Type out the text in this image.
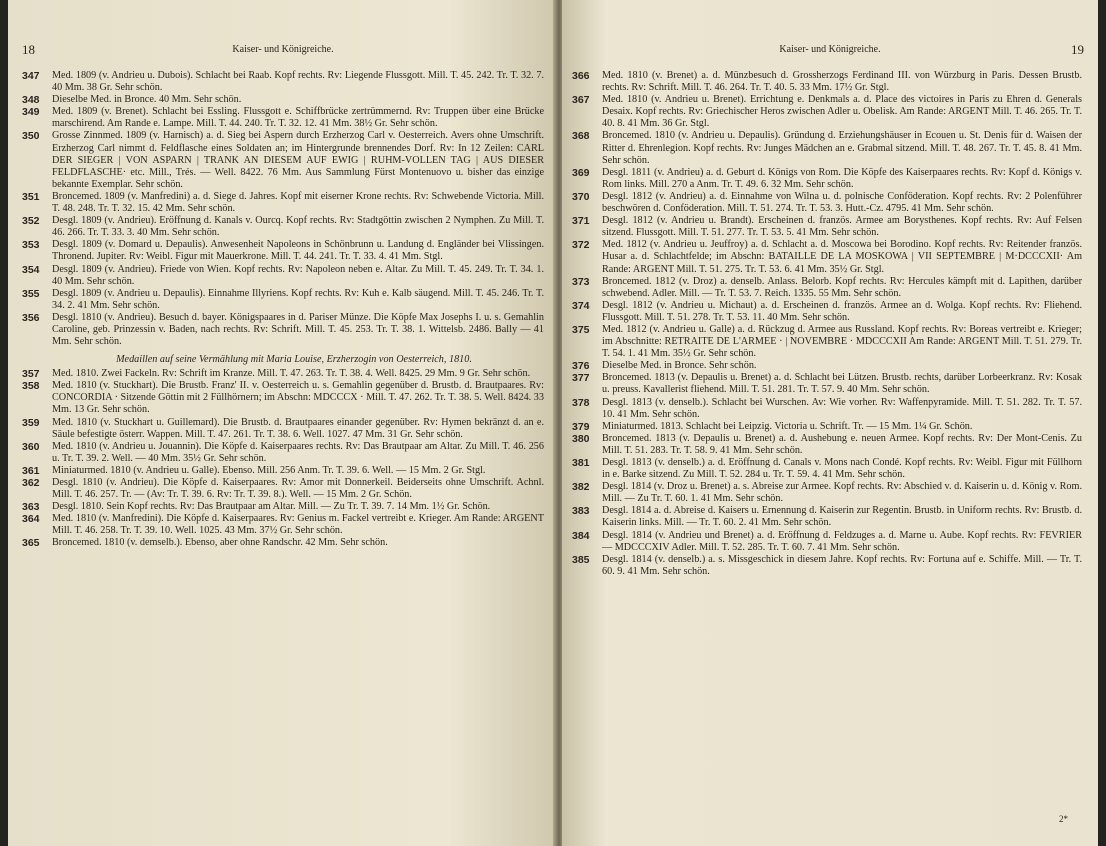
18	Kaiser- und Königreiche.
347 Med. 1809 (v. Andrieu u. Dubois). Schlacht bei Raab. Kopf rechts. Rv: Liegende Flussgott. Mill. T. 45. 242. Tr. T. 32. 7. 40 Mm. 38 Gr. Sehr schön.
348 Dieselbe Med. in Bronce. 40 Mm. Sehr schön.
349 Med. 1809 (v. Brenet). Schlacht bei Essling. Flussgott e. Schiffbrücke zertrümmernd. Rv: Truppen über eine Brücke marschirend. Am Rande e. Lampe. Mill. T. 44. 240. Tr. T. 32. 12. 41 Mm. 38½ Gr. Sehr schön.
350 Grosse Zinnmed. 1809 (v. Harnisch) a. d. Sieg bei Aspern durch Erzherzog Carl v. Oesterreich. Avers ohne Umschrift. Erzherzog Carl nimmt d. Feldflasche eines Soldaten an; im Hintergrunde brennendes Dorf. Rv: In 12 Zeilen: CARL DER SIEGER | VON ASPARN | TRANK AN DIESEM AUF EWIG | RUHM-VOLLEN TAG | AUS DIESER FELDFLASCHE· etc. Mill., Trés. — Well. 8422. 76 Mm. Aus Sammlung Fürst Montenuovo u. bisher das einzige bekannte Exemplar. Sehr schön.
351 Broncemed. 1809 (v. Manfredini) a. d. Siege d. Jahres. Kopf mit eiserner Krone rechts. Rv: Schwebende Victoria. Mill. T. 48. 248. Tr. T. 32. 15. 42 Mm. Sehr schön.
352 Desgl. 1809 (v. Andrieu). Eröffnung d. Kanals v. Ourcq. Kopf rechts. Rv: Stadtgöttin zwischen 2 Nymphen. Zu Mill. T. 46. 266. Tr. T. 33. 3. 40 Mm. Sehr schön.
353 Desgl. 1809 (v. Domard u. Depaulis). Anwesenheit Napoleons in Schönbrunn u. Landung d. Engländer bei Vlissingen. Thronend. Jupiter. Rv: Weibl. Figur mit Mauerkrone. Mill. T. 44. 241. Tr. T. 33. 4. 41 Mm. Stgl.
354 Desgl. 1809 (v. Andrieu). Friede von Wien. Kopf rechts. Rv: Napoleon neben e. Altar. Zu Mill. T. 45. 249. Tr. T. 34. 1. 40 Mm. Sehr schön.
355 Desgl. 1809 (v. Andrieu u. Depaulis). Einnahme Illyriens. Kopf rechts. Rv: Kuh e. Kalb säugend. Mill. T. 45. 246. Tr. T. 34. 2. 41 Mm. Sehr schön.
356 Desgl. 1810 (v. Andrieu). Besuch d. bayer. Königspaares in d. Pariser Münze. Die Köpfe Max Josephs I. u. s. Gemahlin Caroline, geb. Prinzessin v. Baden, nach rechts. Rv: Schrift. Mill. T. 45. 253. Tr. T. 38. 1. Wittelsb. 2486. Bally — 41 Mm. Sehr schön.
Medaillen auf seine Vermählung mit Maria Louise, Erzherzogin von Oesterreich, 1810.
357 Med. 1810. Zwei Fackeln. Rv: Schrift im Kranze. Mill. T. 47. 263. Tr. T. 38. 4. Well. 8425. 29 Mm. 9 Gr. Sehr schön.
358 Med. 1810 (v. Stuckhart). Die Brustb. Franz' II. v. Oesterreich u. s. Gemahlin gegenüber d. Brustb. d. Brautpaares. Rv: CONCORDIA · Sitzende Göttin mit 2 Füllhörnern; im Abschn: MDCCCX · Mill. T. 47. 262. Tr. T. 38. 5. Well. 8424. 33 Mm. 13 Gr. Sehr schön.
359 Med. 1810 (v. Stuckhart u. Guillemard). Die Brustb. d. Brautpaares einander gegenüber. Rv: Hymen bekränzt d. an e. Säule befestigte österr. Wappen. Mill. T. 47. 261. Tr. T. 38. 6. Well. 1027. 47 Mm. 31 Gr. Sehr schön.
360 Med. 1810 (v. Andrieu u. Jouannin). Die Köpfe d. Kaiserpaares rechts. Rv: Das Brautpaar am Altar. Zu Mill. T. 46. 256 u. Tr. T. 39. 2. Well. — 40 Mm. 35½ Gr. Sehr schön.
361 Miniaturmed. 1810 (v. Andrieu u. Galle). Ebenso. Mill. 256 Anm. Tr. T. 39. 6. Well. — 15 Mm. 2 Gr. Stgl.
362 Desgl. 1810 (v. Andrieu). Die Köpfe d. Kaiserpaares. Rv: Amor mit Donnerkeil. Beiderseits ohne Umschrift. Achnl. Mill. T. 46. 257. Tr. — (Av: Tr. T. 39. 6. Rv: Tr. T. 39. 8.). Well. — 15 Mm. 2 Gr. Schön.
363 Desgl. 1810. Sein Kopf rechts. Rv: Das Brautpaar am Altar. Mill. — Zu Tr. T. 39. 7. 14 Mm. 1½ Gr. Schön.
364 Med. 1810 (v. Manfredini). Die Köpfe d. Kaiserpaares. Rv: Genius m. Fackel vertreibt e. Krieger. Am Rande: ARGENT Mill. T. 46. 258. Tr. T. 39. 10. Well. 1025. 43 Mm. 37½ Gr. Sehr schön.
365 Broncemed. 1810 (v. demselb.). Ebenso, aber ohne Randschr. 42 Mm. Sehr schön.
Kaiser- und Königreiche.	19
366 Med. 1810 (v. Brenet) a. d. Münzbesuch d. Grossherzogs Ferdinand III. von Würzburg in Paris. Dessen Brustb. rechts. Rv: Schrift. Mill. T. 46. 264. Tr. T. 40. 5. 33 Mm. 17½ Gr. Stgl.
367 Med. 1810 (v. Andrieu u. Brenet). Errichtung e. Denkmals a. d. Place des victoires in Paris zu Ehren d. Generals Desaix. Kopf rechts. Rv: Griechischer Heros zwischen Adler u. Obelisk. Am Rande: ARGENT Mill. T. 46. 265. Tr. T. 40. 8. 41 Mm. 36 Gr. Stgl.
368 Broncemed. 1810 (v. Andrieu u. Depaulis). Gründung d. Erziehungshäuser in Ecouen u. St. Denis für d. Waisen der Ritter d. Ehrenlegion. Kopf rechts. Rv: Junges Mädchen an e. Grabmal sitzend. Mill. T. 48. 267. Tr. T. 45. 8. 41 Mm. Sehr schön.
369 Desgl. 1811 (v. Andrieu) a. d. Geburt d. Königs von Rom. Die Köpfe des Kaiserpaares rechts. Rv: Kopf d. Königs v. Rom links. Mill. 270 a Anm. Tr. T. 49. 6. 32 Mm. Sehr schön.
370 Desgl. 1812 (v. Andrieu) a. d. Einnahme von Wilna u. d. polnische Conföderation. Kopf rechts. Rv: 2 Polenführer beschwören d. Conföderation. Mill. T. 51. 274. Tr. T. 53. 3. Hutt.-Cz. 4795. 41 Mm. Sehr schön.
371 Desgl. 1812 (v. Andrieu u. Brandt). Erscheinen d. französ. Armee am Borysthenes. Kopf rechts. Rv: Auf Felsen sitzend. Flussgott. Mill. T. 51. 277. Tr. T. 53. 5. 41 Mm. Sehr schön.
372 Med. 1812 (v. Andrieu u. Jeuffroy) a. d. Schlacht a. d. Moscowa bei Borodino. Kopf rechts. Rv: Reitender französ. Husar a. d. Schlachtfelde; im Abschn: BATAILLE DE LA MOSKOWA | VII SEPTEMBRE | M·DCCCXII· Am Rande: ARGENT Mill. T. 51. 275. Tr. T. 53. 6. 41 Mm. 35½ Gr. Stgl.
373 Broncemed. 1812 (v. Droz) a. denselb. Anlass. Belorb. Kopf rechts. Rv: Hercules kämpft mit d. Lapithen, darüber schwebend. Adler. Mill. — Tr. T. 53. 7. Reich. 1335. 55 Mm. Sehr schön.
374 Desgl. 1812 (v. Andrieu u. Michaut) a. d. Erscheinen d. französ. Armee an d. Wolga. Kopf rechts. Rv: Fliehend. Flussgott. Mill. T. 51. 278. Tr. T. 53. 11. 40 Mm. Sehr schön.
375 Med. 1812 (v. Andrieu u. Galle) a. d. Rückzug d. Armee aus Russland. Kopf rechts. Rv: Boreas vertreibt e. Krieger; im Abschnitte: RETRAITE DE L'ARMEE · | NOVEMBRE · MDCCCXII Am Rande: ARGENT Mill. T. 51. 279. Tr. T. 54. 1. 41 Mm. 35½ Gr. Sehr schön.
376 Dieselbe Med. in Bronce. Sehr schön.
377 Broncemed. 1813 (v. Depaulis u. Brenet) a. d. Schlacht bei Lützen. Brustb. rechts, darüber Lorbeerkranz. Rv: Kosak u. preuss. Kavallerist fliehend. Mill. T. 51. 281. Tr. T. 57. 9. 40 Mm. Sehr schön.
378 Desgl. 1813 (v. denselb.). Schlacht bei Wurschen. Av: Wie vorher. Rv: Waffenpyramide. Mill. T. 51. 282. Tr. T. 57. 10. 41 Mm. Sehr schön.
379 Miniaturmed. 1813. Schlacht bei Leipzig. Victoria u. Schrift. Tr. — 15 Mm. 1¼ Gr. Schön.
380 Broncemed. 1813 (v. Depaulis u. Brenet) a. d. Aushebung e. neuen Armee. Kopf rechts. Rv: Der Mont-Cenis. Zu Mill. T. 51. 283. Tr. T. 58. 9. 41 Mm. Sehr schön.
381 Desgl. 1813 (v. denselb.) a. d. Eröffnung d. Canals v. Mons nach Condé. Kopf rechts. Rv: Weibl. Figur mit Füllhorn in e. Barke sitzend. Zu Mill. T. 52. 284 u. Tr. T. 59. 4. 41 Mm. Sehr schön.
382 Desgl. 1814 (v. Droz u. Brenet) a. s. Abreise zur Armee. Kopf rechts. Rv: Abschied v. d. Kaiserin u. d. König v. Rom. Mill. — Zu Tr. T. 60. 1. 41 Mm. Sehr schön.
383 Desgl. 1814 a. d. Abreise d. Kaisers u. Ernennung d. Kaiserin zur Regentin. Brustb. in Uniform rechts. Rv: Brustb. d. Kaiserin links. Mill. — Tr. T. 60. 2. 41 Mm. Sehr schön.
384 Desgl. 1814 (v. Andrieu und Brenet) a. d. Eröffnung d. Feldzuges a. d. Marne u. Aube. Kopf rechts. Rv: FEVRIER — MDCCCXIV Adler. Mill. T. 52. 285. Tr. T. 60. 7. 41 Mm. Sehr schön.
385 Desgl. 1814 (v. denselb.) a. s. Missgeschick in diesem Jahre. Kopf rechts. Rv: Fortuna auf e. Schiffe. Mill. — Tr. T. 60. 9. 41 Mm. Sehr schön.
2*
